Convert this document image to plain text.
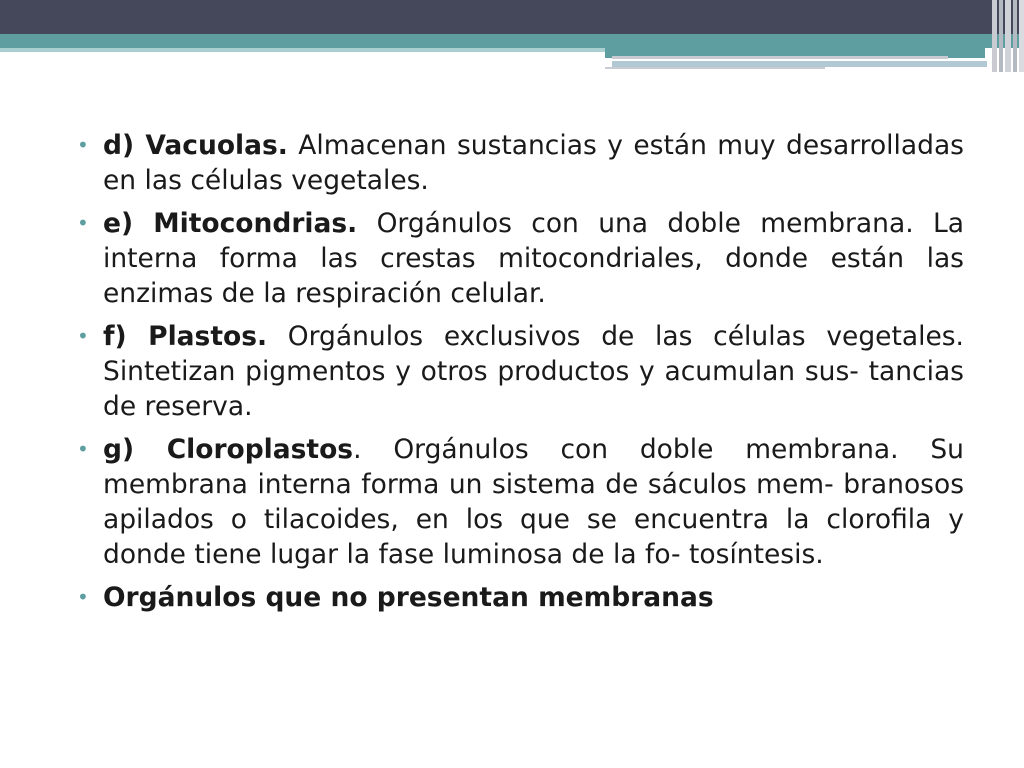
• d) Vacuolas. Almacenan sustancias y están muy desarrolladas en las células vegetales.
• e) Mitocondrias. Orgánulos con una doble membrana. La interna forma las crestas mitocondriales, donde están las enzimas de la respiración celular.
• f) Plastos. Orgánulos exclusivos de las células vegetales. Sintetizan pigmentos y otros productos y acumulan sus- tancias de reserva.
• g) Cloroplastos. Orgánulos con doble membrana. Su membrana interna forma un sistema de sáculos mem- branosos apilados o tilacoides, en los que se encuentra la clorofila y donde tiene lugar la fase luminosa de la fo- tosíntesis.
• Orgánulos que no presentan membranas
